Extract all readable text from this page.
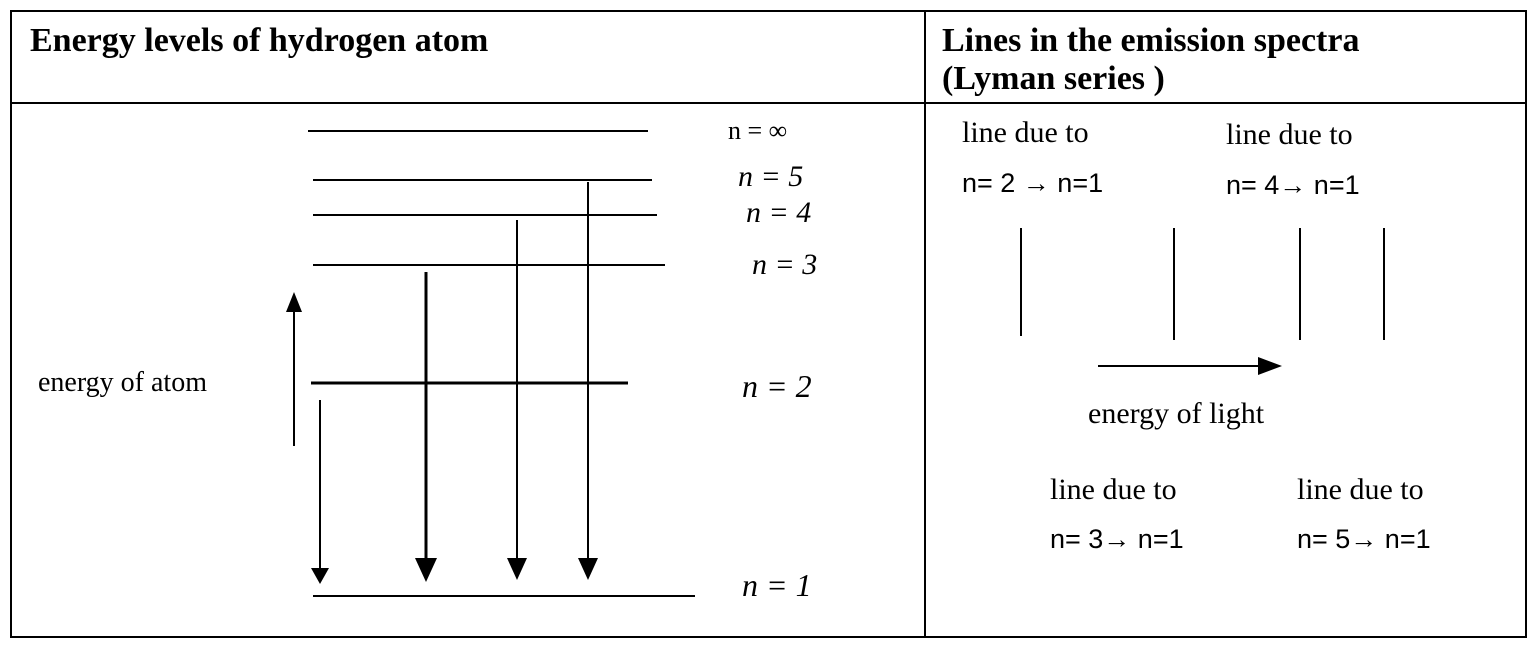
Energy levels of hydrogen atom	Lines in the emission spectra
(Lyman series )
n = ∞
n = 5
n = 4
n = 3
n = 2
n = 1
energy of atom
line due to	line due to
line due to	line due to
energy of light
n= 2 → n=1	n= 4→ n=1
n= 3→ n=1	n= 5→ n=1
